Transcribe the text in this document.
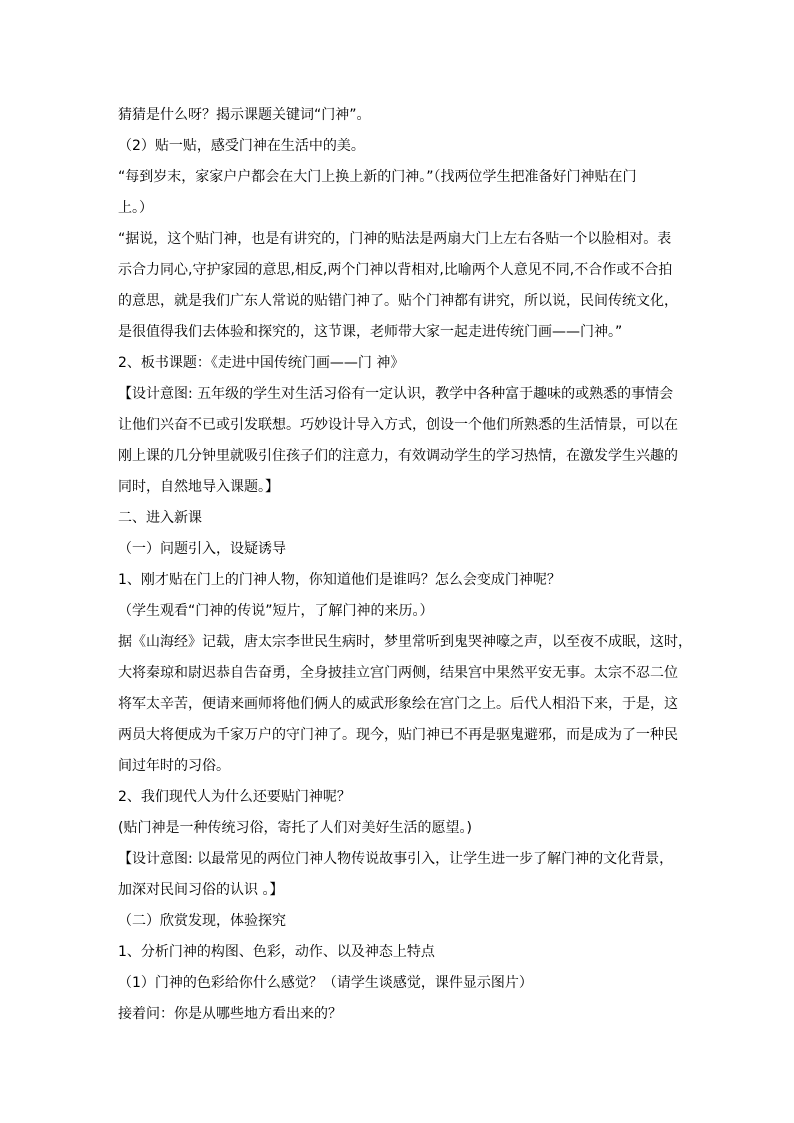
猜猜是什么呀？揭示课题关键词“门神”。
（2）贴一贴，感受门神在生活中的美。
“每到岁末，家家户户都会在大门上换上新的门神。”（找两位学生把准备好门神贴在门
上。）
“据说，这个贴门神，也是有讲究的，门神的贴法是两扇大门上左右各贴一个以脸相对。表
示合力同心,守护家园的意思,相反,两个门神以背相对,比喻两个人意见不同,不合作或不合拍
的意思，就是我们广东人常说的贴错门神了。贴个门神都有讲究，所以说，民间传统文化，
是很值得我们去体验和探究的，这节课，老师带大家一起走进传统门画——门神。”
2、板书课题：《走进中国传统门画——门 神》
【设计意图: 五年级的学生对生活习俗有一定认识，教学中各种富于趣味的或熟悉的事情会
让他们兴奋不已或引发联想。巧妙设计导入方式，创设一个他们所熟悉的生活情景，可以在
刚上课的几分钟里就吸引住孩子们的注意力，有效调动学生的学习热情，在激发学生兴趣的
同时，自然地导入课题。】
二、进入新课
（一）问题引入，设疑诱导
1、刚才贴在门上的门神人物，你知道他们是谁吗？怎么会变成门神呢？
（学生观看“门神的传说”短片，了解门神的来历。）
据《山海经》记载，唐太宗李世民生病时，梦里常听到鬼哭神嚎之声，以至夜不成眠，这时，
大将秦琼和尉迟恭自告奋勇，全身披挂立宫门两侧，结果宫中果然平安无事。太宗不忍二位
将军太辛苦，便请来画师将他们俩人的威武形象绘在宫门之上。后代人相沿下来，于是，这
两员大将便成为千家万户的守门神了。现今，贴门神已不再是驱鬼避邪，而是成为了一种民
间过年时的习俗。
2、我们现代人为什么还要贴门神呢？
(贴门神是一种传统习俗，寄托了人们对美好生活的愿望。)
【设计意图: 以最常见的两位门神人物传说故事引入，让学生进一步了解门神的文化背景，
加深对民间习俗的认识 。】
（二）欣赏发现，体验探究
1、分析门神的构图、色彩，动作、以及神态上特点
（1）门神的色彩给你什么感觉？（请学生谈感觉，课件显示图片）
接着问：你是从哪些地方看出来的？
